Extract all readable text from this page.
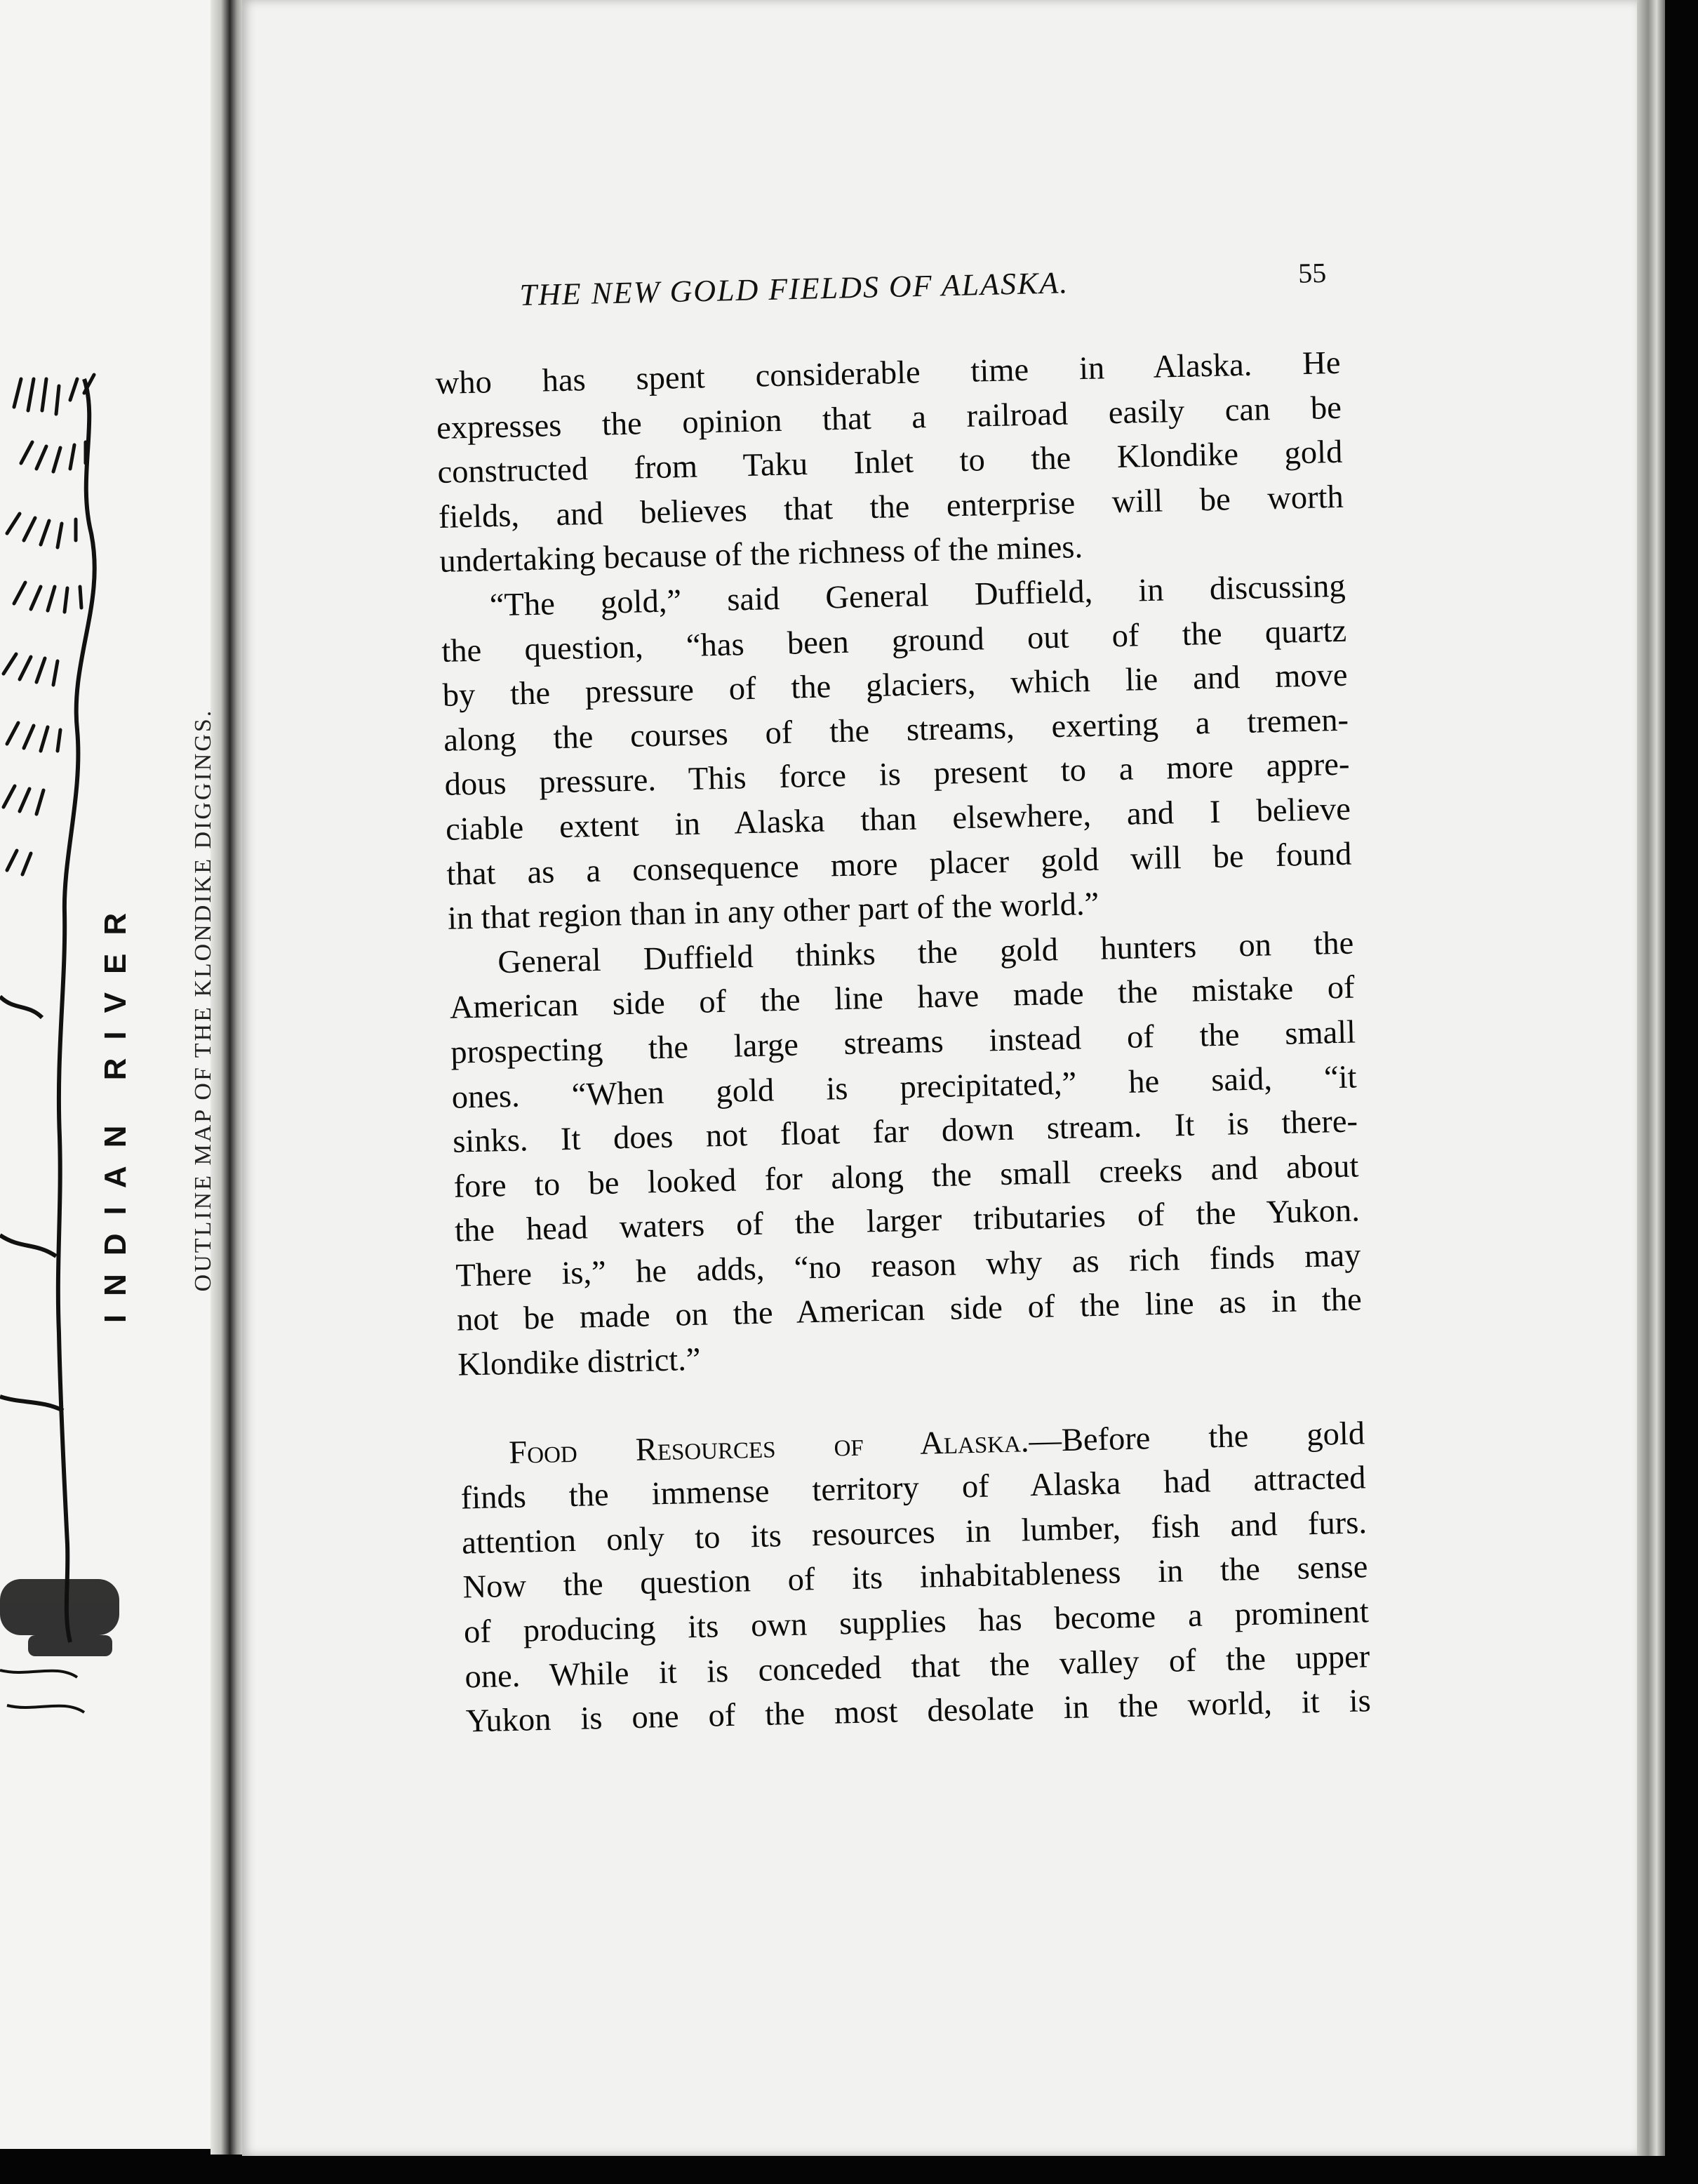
INDIAN RIVER OUTLINE MAP OF THE KLONDIKE DIGGINGS.
THE NEW GOLD FIELDS OF ALASKA.	55
who has spent considerable time in Alaska. He
expresses the opinion that a railroad easily can be
constructed from Taku Inlet to the Klondike gold
fields, and believes that the enterprise will be worth
undertaking because of the richness of the mines.
“The gold,” said General Duffield, in discussing
the question, “has been ground out of the quartz
by the pressure of the glaciers, which lie and move
along the courses of the streams, exerting a tremen-
dous pressure. This force is present to a more appre-
ciable extent in Alaska than elsewhere, and I believe
that as a consequence more placer gold will be found
in that region than in any other part of the world.”
General Duffield thinks the gold hunters on the
American side of the line have made the mistake of
prospecting the large streams instead of the small
ones. “When gold is precipitated,” he said, “it
sinks. It does not float far down stream. It is there-
fore to be looked for along the small creeks and about
the head waters of the larger tributaries of the Yukon.
There is,” he adds, “no reason why as rich finds may
not be made on the American side of the line as in the
Klondike district.”
Food Resources of Alaska.—Before the gold
finds the immense territory of Alaska had attracted
attention only to its resources in lumber, fish and furs.
Now the question of its inhabitableness in the sense
of producing its own supplies has become a prominent
one. While it is conceded that the valley of the upper
Yukon is one of the most desolate in the world, it is
